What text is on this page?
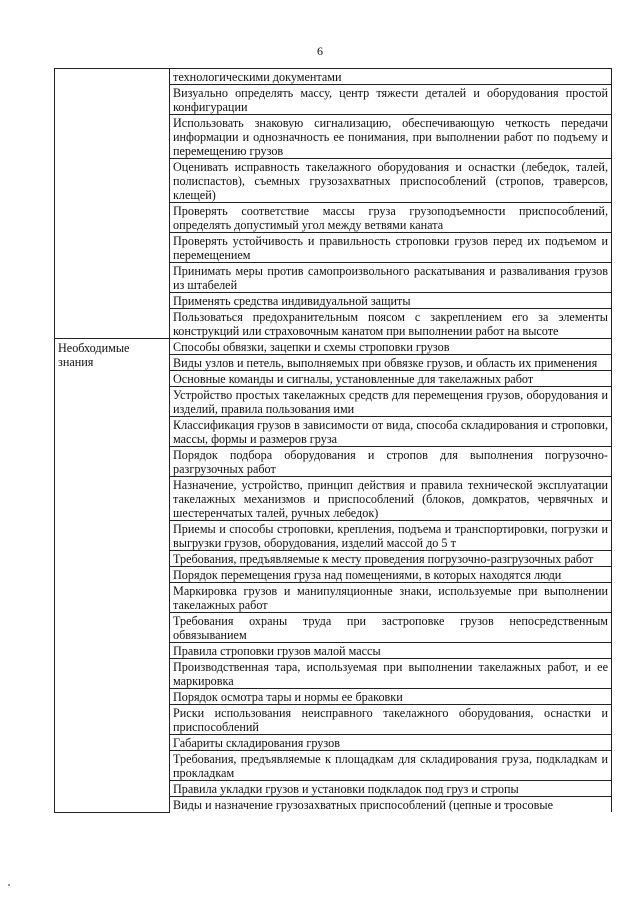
6

	технологическими документами

	Визуально определять массу, центр тяжести деталей и оборудования простой конфигурации

	Использовать знаковую сигнализацию, обеспечивающую четкость передачи информации и однозначность ее понимания, при выполнении работ по подъему и перемещению грузов

	Оценивать исправность такелажного оборудования и оснастки (лебедок, талей, полиспастов), съемных грузозахватных приспособлений (стропов, траверсов, клещей)

	Проверять соответствие массы груза грузоподъемности приспособлений, определять допустимый угол между ветвями каната

	Проверять устойчивость и правильность строповки грузов перед их подъемом и перемещением

	Принимать меры против самопроизвольного раскатывания и разваливания грузов из штабелей

	Применять средства индивидуальной защиты

	Пользоваться предохранительным поясом с закреплением его за элементы конструкций или страховочным канатом при выполнении работ на высоте

Необходимые знания	Способы обвязки, зацепки и схемы строповки грузов

	Виды узлов и петель, выполняемых при обвязке грузов, и область их применения

	Основные команды и сигналы, установленные для такелажных работ

	Устройство простых такелажных средств для перемещения грузов, оборудования и изделий, правила пользования ими

	Классификация грузов в зависимости от вида, способа складирования и строповки, массы, формы и размеров груза

	Порядок подбора оборудования и стропов для выполнения погрузочно-разгрузочных работ

	Назначение, устройство, принцип действия и правила технической эксплуатации такелажных механизмов и приспособлений (блоков, домкратов, червячных и шестеренчатых талей, ручных лебедок)

	Приемы и способы строповки, крепления, подъема и транспортировки, погрузки и выгрузки грузов, оборудования, изделий массой до 5 т

	Требования, предъявляемые к месту проведения погрузочно-разгрузочных работ

	Порядок перемещения груза над помещениями, в которых находятся люди

	Маркировка грузов и манипуляционные знаки, используемые при выполнении такелажных работ

	Требования охраны труда при застроповке грузов непосредственным обвязыванием

	Правила строповки грузов малой массы

	Производственная тара, используемая при выполнении такелажных работ, и ее маркировка

	Порядок осмотра тары и нормы ее браковки

	Риски использования неисправного такелажного оборудования, оснастки и приспособлений

	Габариты складирования грузов

	Требования, предъявляемые к площадкам для складирования груза, подкладкам и прокладкам

	Правила укладки грузов и установки подкладок под груз и стропы

	Виды и назначение грузозахватных приспособлений (цепные и тросовые
